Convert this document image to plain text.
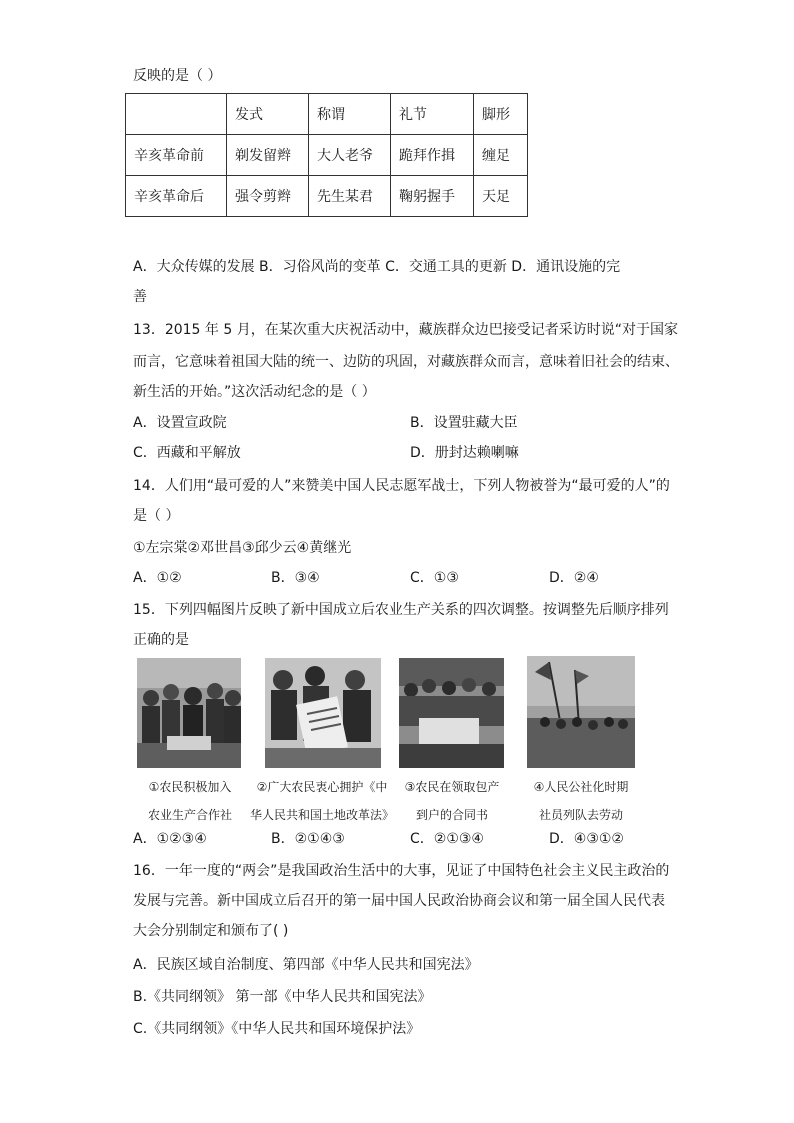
反映的是（ ）
	发式	称谓	礼节	脚形
辛亥革命前	剃发留辫	大人老爷	跪拜作揖	缠足
辛亥革命后	强令剪辫	先生某君	鞠躬握手	天足
A．大众传媒的发展 B．习俗风尚的变革 C．交通工具的更新 D．通讯设施的完
善
13．2015 年 5 月，在某次重大庆祝活动中，藏族群众边巴接受记者采访时说“对于国家
而言，它意味着祖国大陆的统一、边防的巩固，对藏族群众而言，意味着旧社会的结束、
新生活的开始。”这次活动纪念的是（ ）
A．设置宣政院	B．设置驻藏大臣
C．西藏和平解放	D．册封达赖喇嘛
14．人们用“最可爱的人”来赞美中国人民志愿军战士，下列人物被誉为“最可爱的人”的
是（ ）
①左宗棠②邓世昌③邱少云④黄继光
A．①②	B．③④	C．①③	D．②④
15．下列四幅图片反映了新中国成立后农业生产关系的四次调整。按调整先后顺序排列
正确的是
①农民积极加入
农业生产合作社
②广大农民衷心拥护《中
华人民共和国土地改革法》
③农民在领取包产
到户的合同书
④人民公社化时期
社员列队去劳动
A．①②③④	B．②①④③	C．②①③④	D．④③①②
16．一年一度的“两会”是我国政治生活中的大事，见证了中国特色社会主义民主政治的
发展与完善。新中国成立后召开的第一届中国人民政治协商会议和第一届全国人民代表
大会分别制定和颁布了( )
A．民族区域自治制度、第四部《中华人民共和国宪法》
B.《共同纲领》 第一部《中华人民共和国宪法》
C.《共同纲领》《中华人民共和国环境保护法》
